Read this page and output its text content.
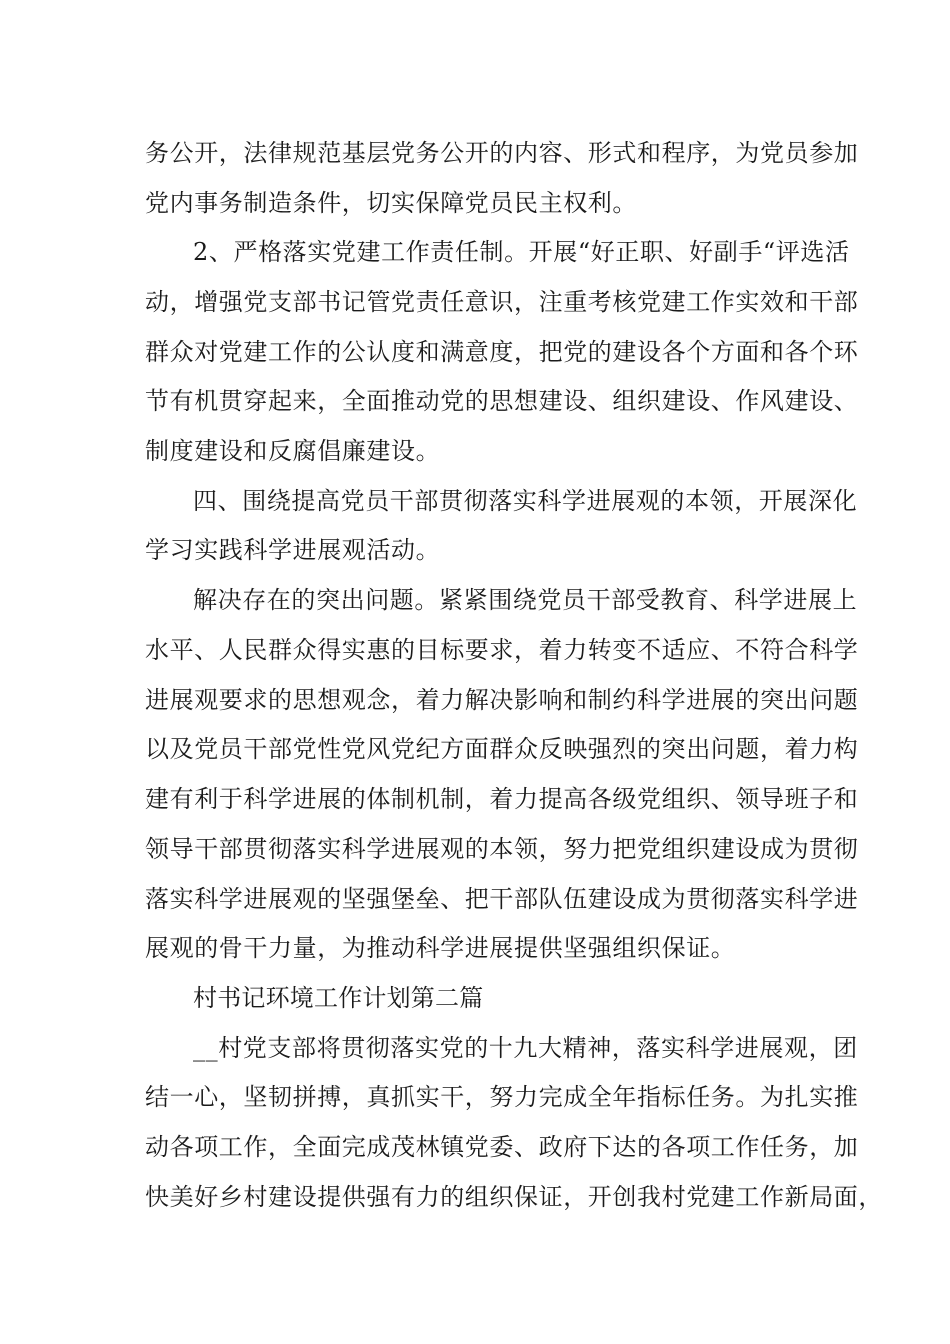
务公开，法律规范基层党务公开的内容、形式和程序，为党员参加
党内事务制造条件，切实保障党员民主权利。
2、严格落实党建工作责任制。开展“好正职、好副手“评选活
动，增强党支部书记管党责任意识，注重考核党建工作实效和干部
群众对党建工作的公认度和满意度，把党的建设各个方面和各个环
节有机贯穿起来，全面推动党的思想建设、组织建设、作风建设、
制度建设和反腐倡廉建设。
四、围绕提高党员干部贯彻落实科学进展观的本领，开展深化
学习实践科学进展观活动。
解决存在的突出问题。紧紧围绕党员干部受教育、科学进展上
水平、人民群众得实惠的目标要求，着力转变不适应、不符合科学
进展观要求的思想观念，着力解决影响和制约科学进展的突出问题
以及党员干部党性党风党纪方面群众反映强烈的突出问题，着力构
建有利于科学进展的体制机制，着力提高各级党组织、领导班子和
领导干部贯彻落实科学进展观的本领，努力把党组织建设成为贯彻
落实科学进展观的坚强堡垒、把干部队伍建设成为贯彻落实科学进
展观的骨干力量，为推动科学进展提供坚强组织保证。
村书记环境工作计划第二篇
__村党支部将贯彻落实党的十九大精神，落实科学进展观，团
结一心，坚韧拼搏，真抓实干，努力完成全年指标任务。为扎实推
动各项工作，全面完成茂林镇党委、政府下达的各项工作任务，加
快美好乡村建设提供强有力的组织保证，开创我村党建工作新局面，
